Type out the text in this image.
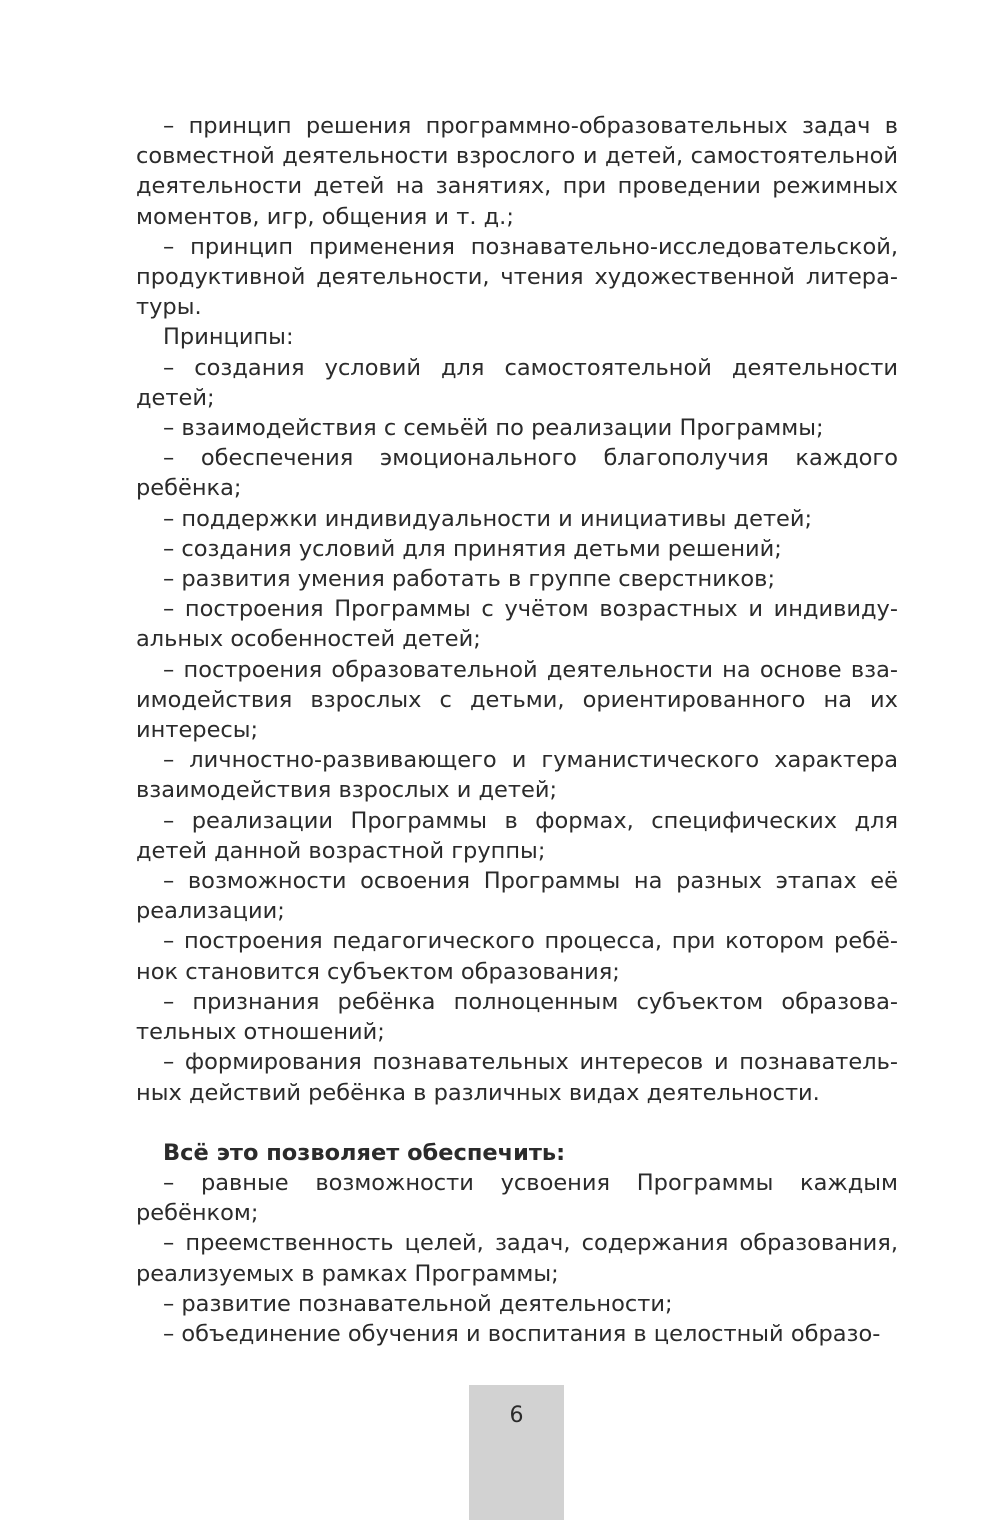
– принцип решения программно-образовательных задач в совместной деятельности взрослого и детей, самостоятельной деятельности детей на занятиях, при проведении режимных моментов, игр, общения и т. д.;

– принцип применения познавательно-исследовательской, продуктивной деятельности, чтения художественной литературы.

Принципы:

– создания условий для самостоятельной деятельности детей;

– взаимодействия с семьёй по реализации Программы;

– обеспечения эмоционального благополучия каждого ребёнка;

– поддержки индивидуальности и инициативы детей;

– создания условий для принятия детьми решений;

– развития умения работать в группе сверстников;

– построения Программы с учётом возрастных и индивидуальных особенностей детей;

– построения образовательной деятельности на основе взаимодействия взрослых с детьми, ориентированного на их интересы;

– личностно-развивающего и гуманистического характера взаимодействия взрослых и детей;

– реализации Программы в формах, специфических для детей данной возрастной группы;

– возможности освоения Программы на разных этапах её реализации;

– построения педагогического процесса, при котором ребёнок становится субъектом образования;

– признания ребёнка полноценным субъектом образовательных отношений;

– формирования познавательных интересов и познавательных действий ребёнка в различных видах деятельности.

Всё это позволяет обеспечить:

– равные возможности усвоения Программы каждым ребёнком;

– преемственность целей, задач, содержания образования, реализуемых в рамках Программы;

– развитие познавательной деятельности;

– объединение обучения и воспитания в целостный образо-

6
